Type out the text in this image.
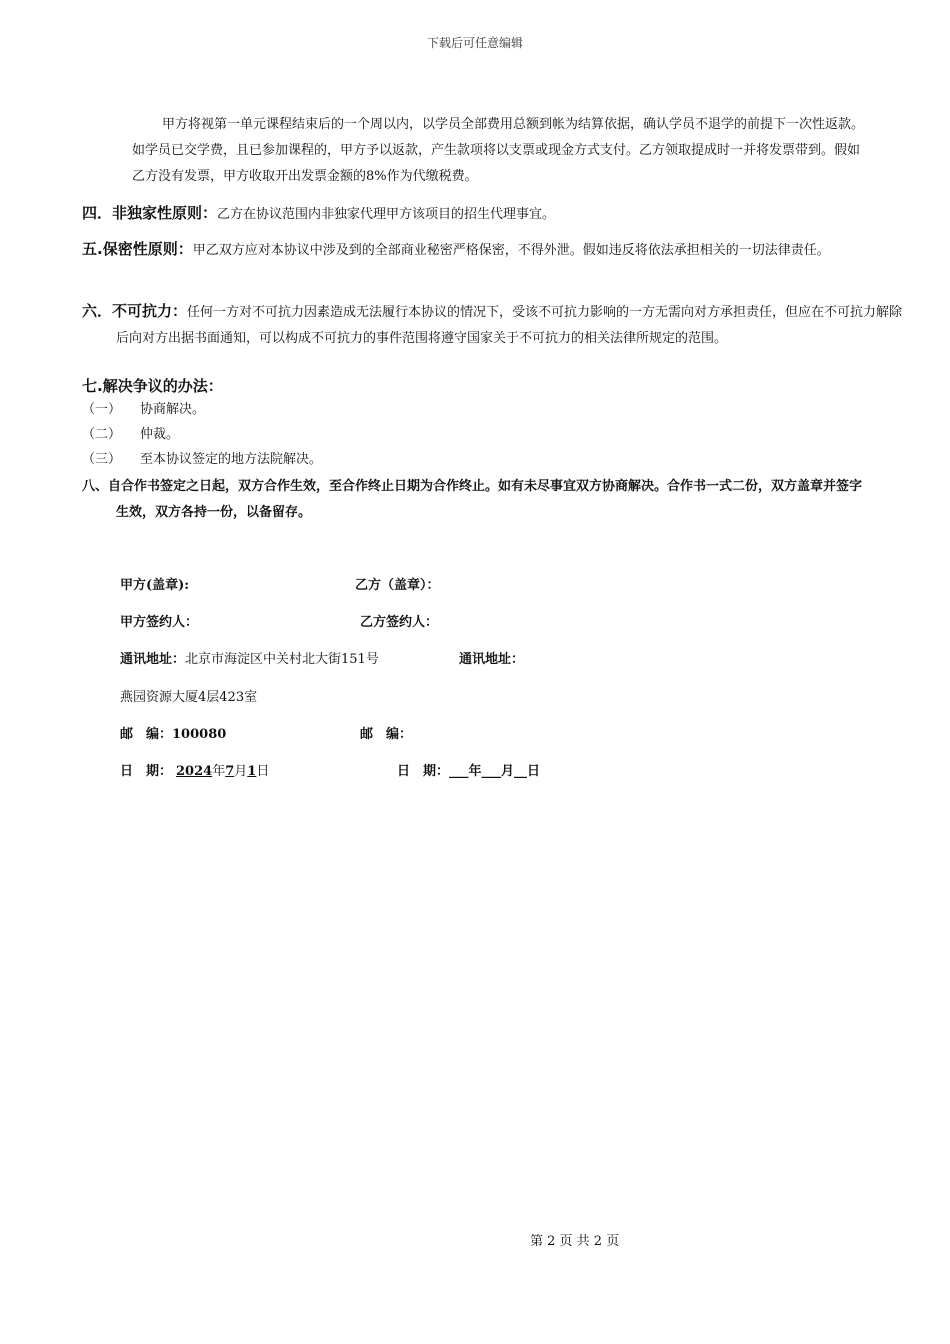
下载后可任意编辑
甲方将视第一单元课程结束后的一个周以内，以学员全部费用总额到帐为结算依据，确认学员不退学的前提下一次性返款。如学员已交学费，且已参加课程的，甲方予以返款，产生款项将以支票或现金方式支付。乙方领取提成时一并将发票带到。假如乙方没有发票，甲方收取开出发票金额的8%作为代缴税费。
四．非独家性原则：乙方在协议范围内非独家代理甲方该项目的招生代理事宜。
五.保密性原则：甲乙双方应对本协议中涉及到的全部商业秘密严格保密，不得外泄。假如违反将依法承担相关的一切法律责任。
六．不可抗力：任何一方对不可抗力因素造成无法履行本协议的情况下，受该不可抗力影响的一方无需向对方承担责任，但应在不可抗力解除后向对方出据书面通知，可以构成不可抗力的事件范围将遵守国家关于不可抗力的相关法律所规定的范围。
七.解决争议的办法：
（一） 协商解决。
（二） 仲裁。
（三） 至本协议签定的地方法院解决。
八、自合作书签定之日起，双方合作生效，至合作终止日期为合作终止。如有未尽事宜双方协商解决。合作书一式二份，双方盖章并签字生效，双方各持一份，以备留存。
甲方(盖章):	乙方（盖章）：
甲方签约人：	乙方签约人：
通讯地址：北京市海淀区中关村北大街151号	通讯地址：
燕园资源大厦4层423室
邮　编：100080	邮　编：
日　期： 2024年7月1日	日　期：___年___月__日
第 2 页 共 2 页
